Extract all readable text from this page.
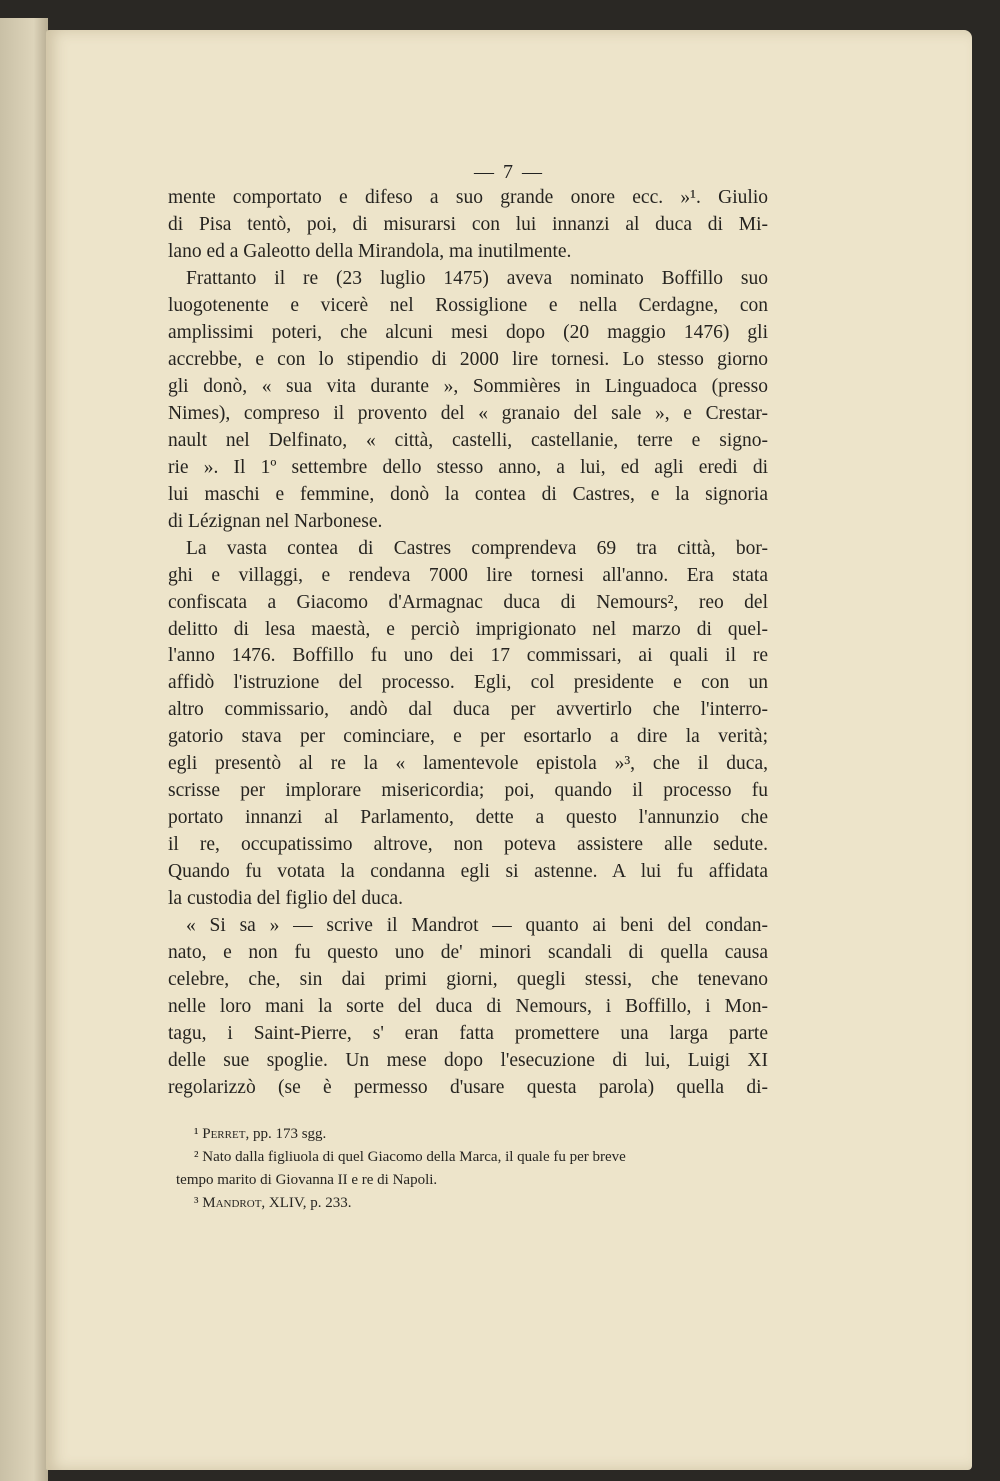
— 7 —
mente comportato e difeso a suo grande onore ecc. »¹. Giulio
di Pisa tentò, poi, di misurarsi con lui innanzi al duca di Mi-
lano ed a Galeotto della Mirandola, ma inutilmente.
Frattanto il re (23 luglio 1475) aveva nominato Boffillo suo
luogotenente e vicerè nel Rossiglione e nella Cerdagne, con
amplissimi poteri, che alcuni mesi dopo (20 maggio 1476) gli
accrebbe, e con lo stipendio di 2000 lire tornesi. Lo stesso giorno
gli donò, « sua vita durante », Sommières in Linguadoca (presso
Nimes), compreso il provento del « granaio del sale », e Crestar-
nault nel Delfinato, « città, castelli, castellanie, terre e signo-
rie ». Il 1º settembre dello stesso anno, a lui, ed agli eredi di
lui maschi e femmine, donò la contea di Castres, e la signoria
di Lézignan nel Narbonese.
La vasta contea di Castres comprendeva 69 tra città, bor-
ghi e villaggi, e rendeva 7000 lire tornesi all'anno. Era stata
confiscata a Giacomo d'Armagnac duca di Nemours², reo del
delitto di lesa maestà, e perciò imprigionato nel marzo di quel-
l'anno 1476. Boffillo fu uno dei 17 commissari, ai quali il re
affidò l'istruzione del processo. Egli, col presidente e con un
altro commissario, andò dal duca per avvertirlo che l'interro-
gatorio stava per cominciare, e per esortarlo a dire la verità;
egli presentò al re la « lamentevole epistola »³, che il duca,
scrisse per implorare misericordia; poi, quando il processo fu
portato innanzi al Parlamento, dette a questo l'annunzio che
il re, occupatissimo altrove, non poteva assistere alle sedute.
Quando fu votata la condanna egli si astenne. A lui fu affidata
la custodia del figlio del duca.
« Si sa » — scrive il Mandrot — quanto ai beni del condan-
nato, e non fu questo uno de' minori scandali di quella causa
celebre, che, sin dai primi giorni, quegli stessi, che tenevano
nelle loro mani la sorte del duca di Nemours, i Boffillo, i Mon-
tagu, i Saint-Pierre, s' eran fatta promettere una larga parte
delle sue spoglie. Un mese dopo l'esecuzione di lui, Luigi XI
regolarizzò (se è permesso d'usare questa parola) quella di-
¹ Perret, pp. 173 sgg.
² Nato dalla figliuola di quel Giacomo della Marca, il quale fu per breve
tempo marito di Giovanna II e re di Napoli.
³ Mandrot, XLIV, p. 233.
